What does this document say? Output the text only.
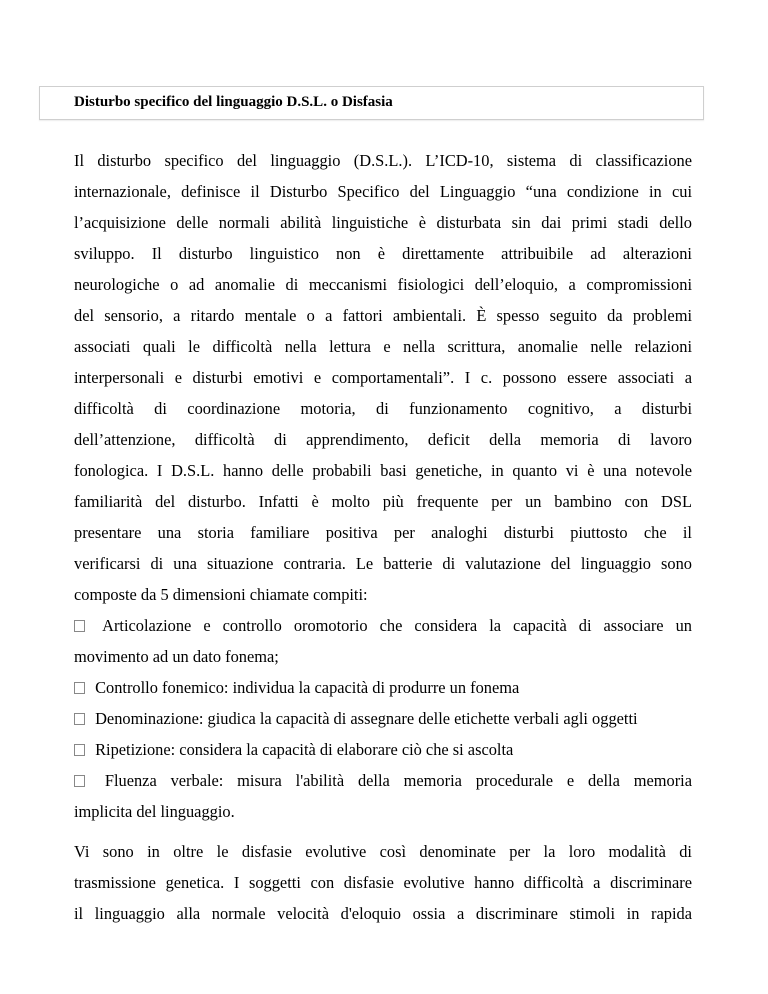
Disturbo specifico del linguaggio D.S.L. o Disfasia
Il disturbo specifico del linguaggio (D.S.L.). L’ICD-10, sistema di classificazione
internazionale, definisce il Disturbo Specifico del Linguaggio “una condizione in cui
l’acquisizione delle normali abilità linguistiche è disturbata sin dai primi stadi dello
sviluppo. Il disturbo linguistico non è direttamente attribuibile ad alterazioni
neurologiche o ad anomalie di meccanismi fisiologici dell’eloquio, a compromissioni
del sensorio, a ritardo mentale o a fattori ambientali. È spesso seguito da problemi
associati quali le difficoltà nella lettura e nella scrittura, anomalie nelle relazioni
interpersonali e disturbi emotivi e comportamentali”. I c. possono essere associati a
difficoltà di coordinazione motoria, di funzionamento cognitivo, a disturbi
dell’attenzione, difficoltà di apprendimento, deficit della memoria di lavoro
fonologica. I D.S.L. hanno delle probabili basi genetiche, in quanto vi è una notevole
familiarità del disturbo. Infatti è molto più frequente per un bambino con DSL
presentare una storia familiare positiva per analoghi disturbi piuttosto che il
verificarsi di una situazione contraria. Le batterie di valutazione del linguaggio sono
composte da 5 dimensioni chiamate compiti:
Articolazione e controllo oromotorio che considera la capacità di associare un
movimento ad un dato fonema;
Controllo fonemico: individua la capacità di produrre un fonema
Denominazione: giudica la capacità di assegnare delle etichette verbali agli oggetti
Ripetizione: considera la capacità di elaborare ciò che si ascolta
Fluenza verbale: misura l'abilità della memoria procedurale e della memoria
implicita del linguaggio.
Vi sono in oltre le disfasie evolutive così denominate per la loro modalità di
trasmissione genetica. I soggetti con disfasie evolutive hanno difficoltà a discriminare
il linguaggio alla normale velocità d'eloquio ossia a discriminare stimoli in rapida
